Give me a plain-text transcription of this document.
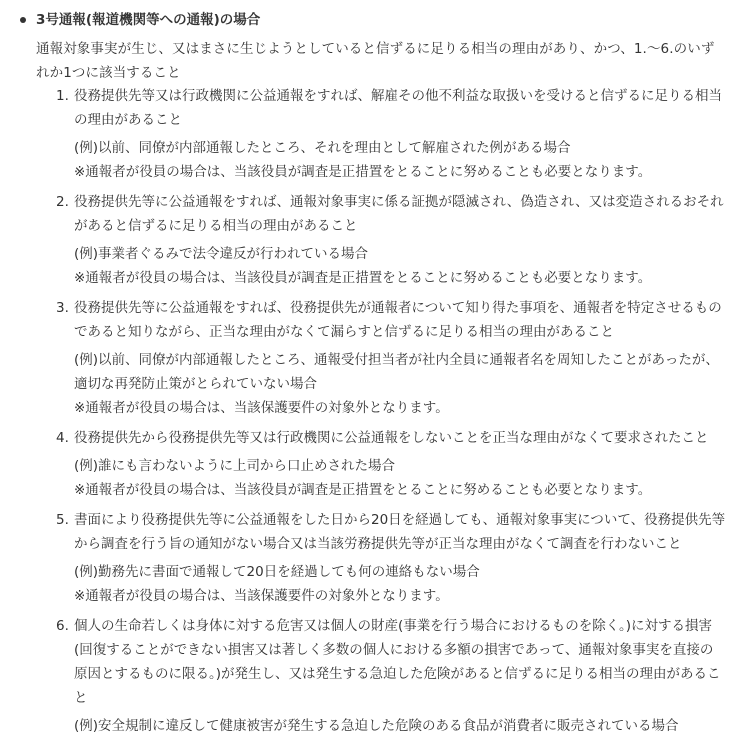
3号通報(報道機関等への通報)の場合
通報対象事実が生じ、又はまさに生じようとしていると信ずるに足りる相当の理由があり、かつ、1.〜6.のいずれか1つに該当すること
1. 役務提供先等又は行政機関に公益通報をすれば、解雇その他不利益な取扱いを受けると信ずるに足りる相当の理由があること

(例)以前、同僚が内部通報したところ、それを理由として解雇された例がある場合

※通報者が役員の場合は、当該役員が調査是正措置をとることに努めることも必要となります。

2. 役務提供先等に公益通報をすれば、通報対象事実に係る証拠が隠滅され、偽造され、又は変造されるおそれがあると信ずるに足りる相当の理由があること

(例)事業者ぐるみで法令違反が行われている場合

※通報者が役員の場合は、当該役員が調査是正措置をとることに努めることも必要となります。

3. 役務提供先等に公益通報をすれば、役務提供先が通報者について知り得た事項を、通報者を特定させるものであると知りながら、正当な理由がなくて漏らすと信ずるに足りる相当の理由があること

(例)以前、同僚が内部通報したところ、通報受付担当者が社内全員に通報者名を周知したことがあったが、適切な再発防止策がとられていない場合

※通報者が役員の場合は、当該保護要件の対象外となります。

4. 役務提供先から役務提供先等又は行政機関に公益通報をしないことを正当な理由がなくて要求されたこと

(例)誰にも言わないように上司から口止めされた場合

※通報者が役員の場合は、当該役員が調査是正措置をとることに努めることも必要となります。

5. 書面により役務提供先等に公益通報をした日から20日を経過しても、通報対象事実について、役務提供先等から調査を行う旨の通知がない場合又は当該労務提供先等が正当な理由がなくて調査を行わないこと

(例)勤務先に書面で通報して20日を経過しても何の連絡もない場合

※通報者が役員の場合は、当該保護要件の対象外となります。

6. 個人の生命若しくは身体に対する危害又は個人の財産(事業を行う場合におけるものを除く。)に対する損害(回復することができない損害又は著しく多数の個人における多額の損害であって、通報対象事実を直接の原因とするものに限る。)が発生し、又は発生する急迫した危険があると信ずるに足りる相当の理由があること

(例)安全規制に違反して健康被害が発生する急迫した危険のある食品が消費者に販売されている場合
